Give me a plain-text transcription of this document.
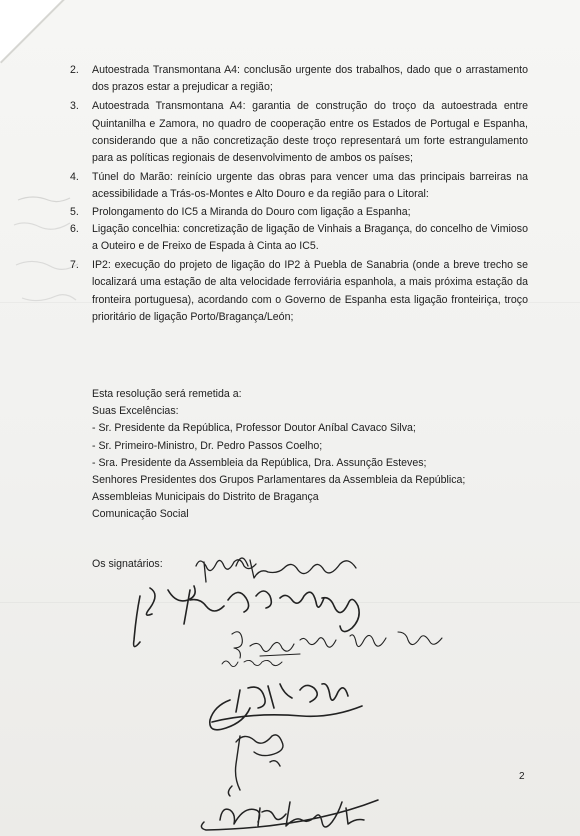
2. Autoestrada Transmontana A4: conclusão urgente dos trabalhos, dado que o arrastamento dos prazos estar a prejudicar a região;
3. Autoestrada Transmontana A4: garantia de construção do troço da autoestrada entre Quintanilha e Zamora, no quadro de cooperação entre os Estados de Portugal e Espanha, considerando que a não concretização deste troço representará um forte estrangulamento para as políticas regionais de desenvolvimento de ambos os países;
4. Túnel do Marão: reinício urgente das obras para vencer uma das principais barreiras na acessibilidade a Trás-os-Montes e Alto Douro e da região para o Litoral:
5. Prolongamento do IC5 a Miranda do Douro com ligação a Espanha;
6. Ligação concelhia: concretização de ligação de Vinhais a Bragança, do concelho de Vimioso a Outeiro e de Freixo de Espada à Cinta ao IC5.
7. IP2: execução do projeto de ligação do IP2 à Puebla de Sanabria (onde a breve trecho se localizará uma estação de alta velocidade ferroviária espanhola, a mais próxima estação da fronteira portuguesa), acordando com o Governo de Espanha esta ligação fronteiriça, troço prioritário de ligação Porto/Bragança/León;
Esta resolução será remetida a:
Suas Excelências:
- Sr. Presidente da República, Professor Doutor Aníbal Cavaco Silva;
- Sr. Primeiro-Ministro, Dr. Pedro Passos Coelho;
- Sra. Presidente da Assembleia da República, Dra. Assunção Esteves;
Senhores Presidentes dos Grupos Parlamentares da Assembleia da República;
Assembleias Municipais do Distrito de Bragança
Comunicação Social
Os signatários:
2
